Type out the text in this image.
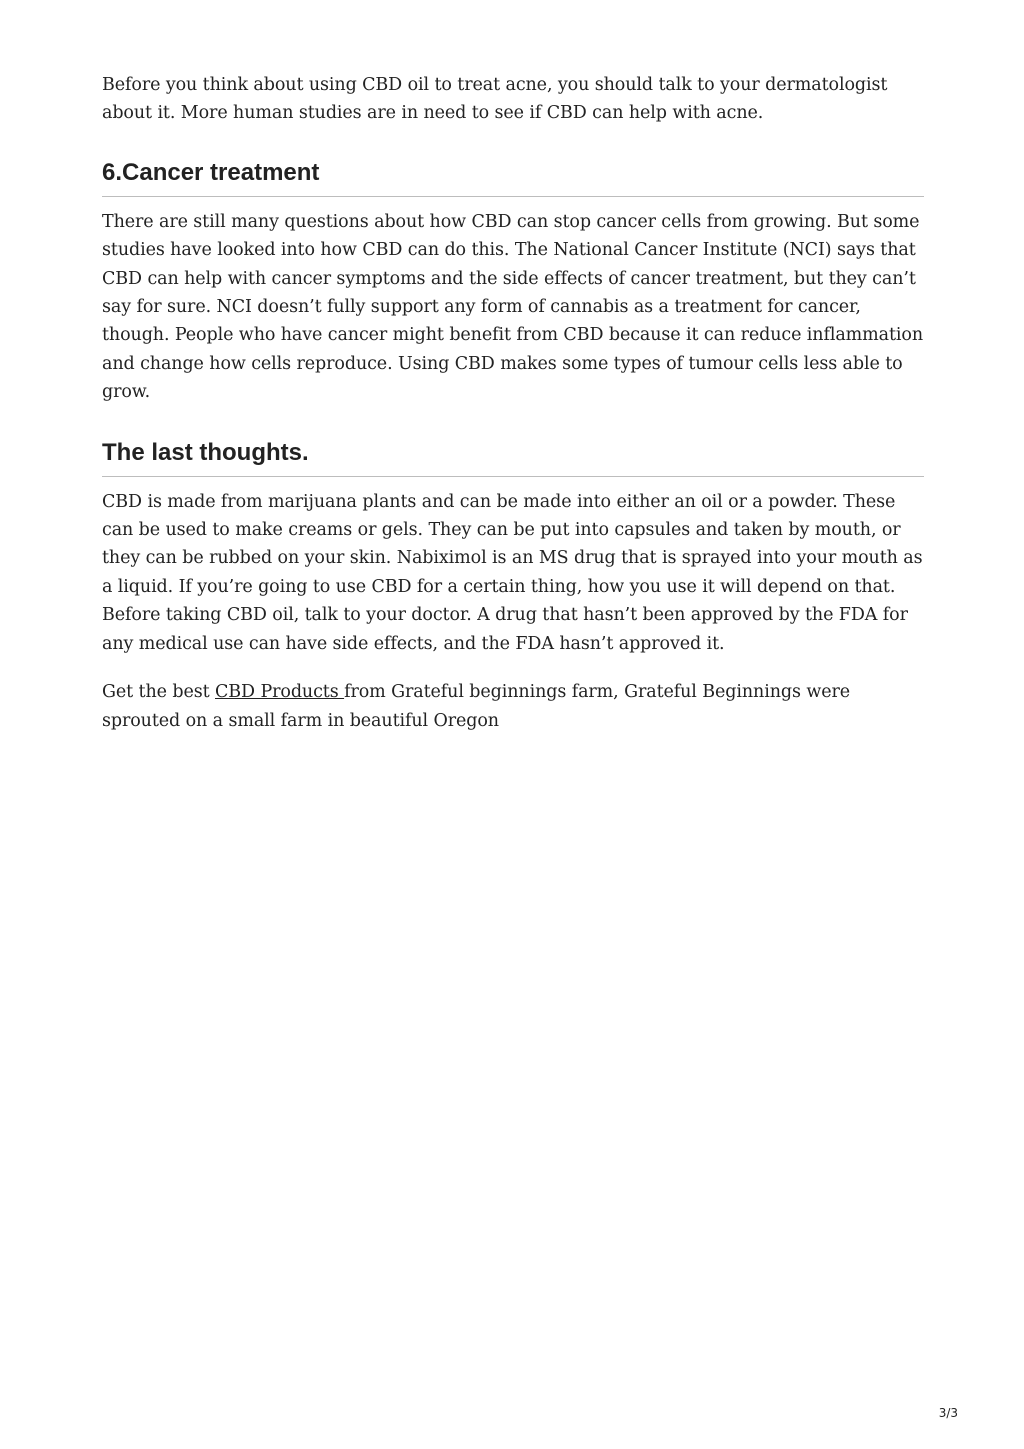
Before you think about using CBD oil to treat acne, you should talk to your dermatologist about it. More human studies are in need to see if CBD can help with acne.

6.Cancer treatment

There are still many questions about how CBD can stop cancer cells from growing. But some studies have looked into how CBD can do this. The National Cancer Institute (NCI) says that CBD can help with cancer symptoms and the side effects of cancer treatment, but they can’t say for sure. NCI doesn’t fully support any form of cannabis as a treatment for cancer, though. People who have cancer might benefit from CBD because it can reduce inflammation and change how cells reproduce. Using CBD makes some types of tumour cells less able to grow.

The last thoughts.

CBD is made from marijuana plants and can be made into either an oil or a powder. These can be used to make creams or gels. They can be put into capsules and taken by mouth, or they can be rubbed on your skin. Nabiximol is an MS drug that is sprayed into your mouth as a liquid. If you’re going to use CBD for a certain thing, how you use it will depend on that. Before taking CBD oil, talk to your doctor. A drug that hasn’t been approved by the FDA for any medical use can have side effects, and the FDA hasn’t approved it.

Get the best CBD Products from Grateful beginnings farm, Grateful Beginnings were sprouted on a small farm in beautiful Oregon

3/3
